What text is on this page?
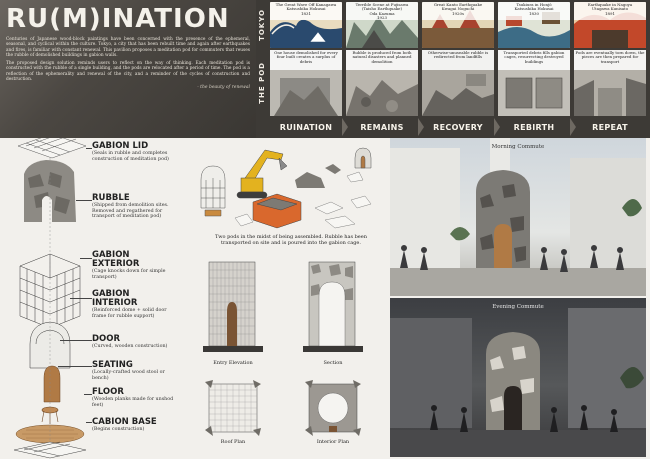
RU(M)INATION

Centuries of Japanese wood-block paintings have been concerned with the presence of the ephemeral, seasonal, and cyclical within the culture. Tokyo, a city that has been rebuilt time and again after earthquakes and fires, is familiar with constant renewal. This pavilion proposes a meditation pod for commuters that reuses the rubble of demolished buildings in gabion walls.

The proposed design solution reminds users to reflect on the way of thinking. Each meditation pod is constructed with the rubble of a single building, and the pods are relocated after a period of time. The pod is a reflection of the ephemerality and renewal of the city, and a reminder of the cycles of construction and destruction.

- the beauty of renewal
TOKYO
THE POD
The Great Wave Off Kanagawa
Katsushika Hokusai
1831
One house demolished for every four built creates a surplus of debris
RUINATION
Terrible Scene at Fujisawa
(Taisho Earthquake)
Oda Kazuma
1923
Rubble is produced from both natural disasters and planned demolition
REMAINS
Great Kanto Earthquake
Kwagai Noguchi
1920s
Otherwise-unuseable rubble is redirected from landfills
RECOVERY
Tsukiura in Honjō
Katsushika Hokusai
1830
Transported debris fills gabion cages, resurrecting destroyed buildings
REBIRTH
Earthquake in Nagoya
Utagawa Kunisato
1891
Pods are eventually torn down, the pieces are then prepared for transport
REPEAT
GABION LID
(Seals in rubble and completes construction of meditation pod)
RUBBLE
(Shipped from demolition sites. Removed and regathered for transport of meditation pod)
GABION EXTERIOR
(Cage knocks down for simple transport)
GABION INTERIOR
(Reinforced dome + solid door frame for rubble support)
DOOR
(Curved, wooden construction)
SEATING
(Locally-crafted wood stool or bench)
FLOOR
(Wooden planks made for unshod feet)
CABION BASE
(Begins construction)
Two pods in the midst of being assembled. Rubble has been transported on site and is poured into the gabion cage.
Entry Elevation	Section
Roof Plan	Interior Plan
Morning Commute
Evening Commute
